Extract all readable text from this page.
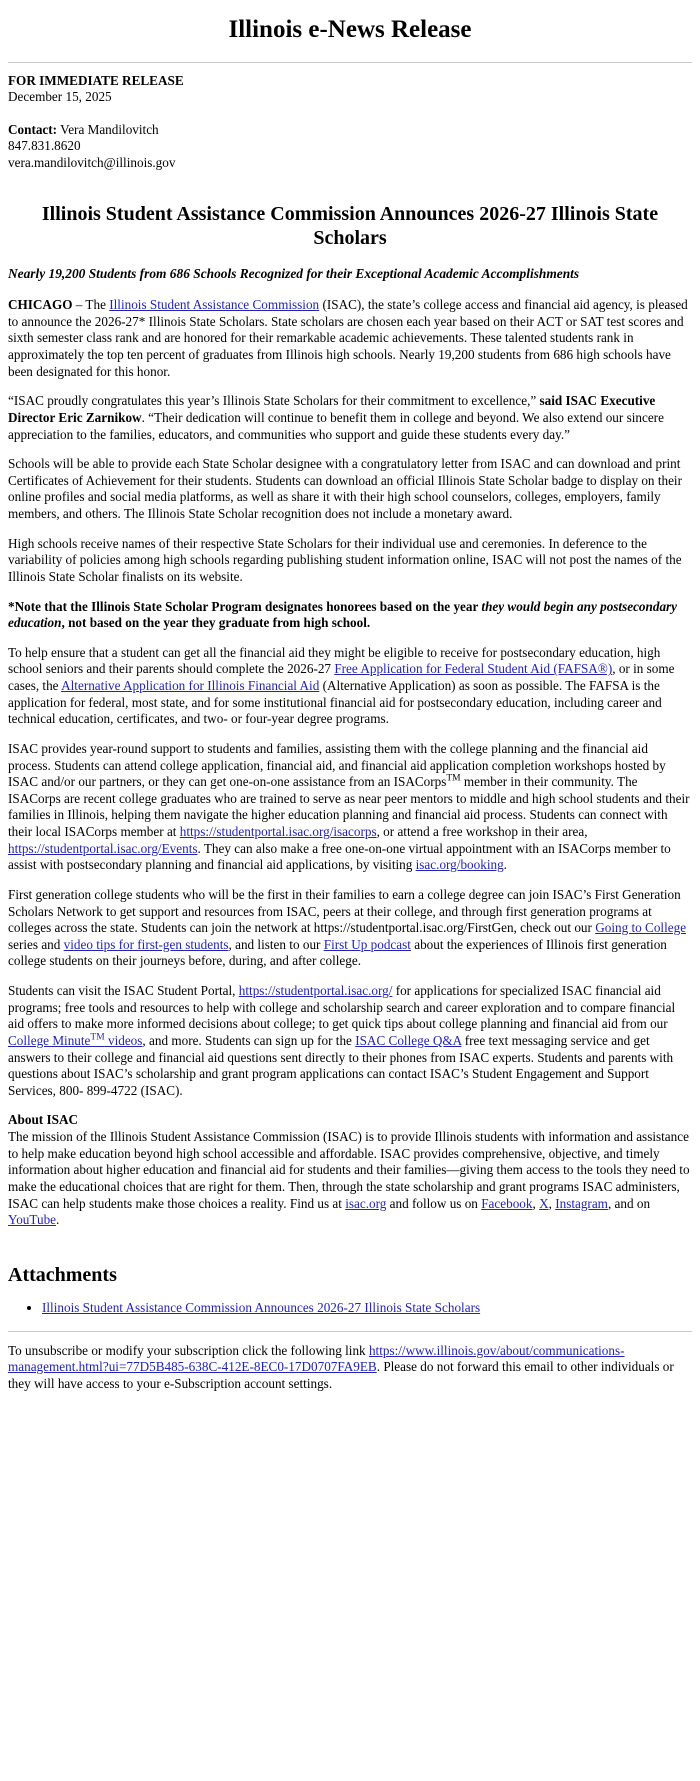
Illinois e-News Release
FOR IMMEDIATE RELEASE
December 15, 2025
Contact: Vera Mandilovitch
847.831.8620
vera.mandilovitch@illinois.gov
Illinois Student Assistance Commission Announces 2026-27 Illinois State Scholars

Nearly 19,200 Students from 686 Schools Recognized for their Exceptional Academic Accomplishments

CHICAGO – The Illinois Student Assistance Commission (ISAC), the state’s college access and financial aid agency, is pleased to announce the 2026-27* Illinois State Scholars. State scholars are chosen each year based on their ACT or SAT test scores and sixth semester class rank and are honored for their remarkable academic achievements. These talented students rank in approximately the top ten percent of graduates from Illinois high schools. Nearly 19,200 students from 686 high schools have been designated for this honor.

“ISAC proudly congratulates this year’s Illinois State Scholars for their commitment to excellence,” said ISAC Executive Director Eric Zarnikow. “Their dedication will continue to benefit them in college and beyond. We also extend our sincere appreciation to the families, educators, and communities who support and guide these students every day.”

Schools will be able to provide each State Scholar designee with a congratulatory letter from ISAC and can download and print Certificates of Achievement for their students. Students can download an official Illinois State Scholar badge to display on their online profiles and social media platforms, as well as share it with their high school counselors, colleges, employers, family members, and others. The Illinois State Scholar recognition does not include a monetary award.

High schools receive names of their respective State Scholars for their individual use and ceremonies. In deference to the variability of policies among high schools regarding publishing student information online, ISAC will not post the names of the Illinois State Scholar finalists on its website.

*Note that the Illinois State Scholar Program designates honorees based on the year they would begin any postsecondary education, not based on the year they graduate from high school.

To help ensure that a student can get all the financial aid they might be eligible to receive for postsecondary education, high school seniors and their parents should complete the 2026-27 Free Application for Federal Student Aid (FAFSA®), or in some cases, the Alternative Application for Illinois Financial Aid (Alternative Application) as soon as possible. The FAFSA is the application for federal, most state, and for some institutional financial aid for postsecondary education, including career and technical education, certificates, and two- or four-year degree programs.

ISAC provides year-round support to students and families, assisting them with the college planning and the financial aid process. Students can attend college application, financial aid, and financial aid application completion workshops hosted by ISAC and/or our partners, or they can get one-on-one assistance from an ISACorps™ member in their community. The ISACorps are recent college graduates who are trained to serve as near peer mentors to middle and high school students and their families in Illinois, helping them navigate the higher education planning and financial aid process. Students can connect with their local ISACorps member at https://studentportal.isac.org/isacorps, or attend a free workshop in their area, https://studentportal.isac.org/Events. They can also make a free one-on-one virtual appointment with an ISACorps member to assist with postsecondary planning and financial aid applications, by visiting isac.org/booking.

First generation college students who will be the first in their families to earn a college degree can join ISAC’s First Generation Scholars Network to get support and resources from ISAC, peers at their college, and through first generation programs at colleges across the state. Students can join the network at https://studentportal.isac.org/FirstGen, check out our Going to College series and video tips for first-gen students, and listen to our First Up podcast about the experiences of Illinois first generation college students on their journeys before, during, and after college.

Students can visit the ISAC Student Portal, https://studentportal.isac.org/ for applications for specialized ISAC financial aid programs; free tools and resources to help with college and scholarship search and career exploration and to compare financial aid offers to make more informed decisions about college; to get quick tips about college planning and financial aid from our College Minute™ videos, and more. Students can sign up for the ISAC College Q&A free text messaging service and get answers to their college and financial aid questions sent directly to their phones from ISAC experts. Students and parents with questions about ISAC’s scholarship and grant program applications can contact ISAC’s Student Engagement and Support Services, 800- 899-4722 (ISAC).

About ISAC

The mission of the Illinois Student Assistance Commission (ISAC) is to provide Illinois students with information and assistance to help make education beyond high school accessible and affordable. ISAC provides comprehensive, objective, and timely information about higher education and financial aid for students and their families—giving them access to the tools they need to make the educational choices that are right for them. Then, through the state scholarship and grant programs ISAC administers, ISAC can help students make those choices a reality. Find us at isac.org and follow us on Facebook, X, Instagram, and on YouTube.

Attachments
• Illinois Student Assistance Commission Announces 2026-27 Illinois State Scholars

To unsubscribe or modify your subscription click the following link https://www.illinois.gov/about/communications-management.html?ui=77D5B485-638C-412E-8EC0-17D0707FA9EB. Please do not forward this email to other individuals or they will have access to your e-Subscription account settings.
